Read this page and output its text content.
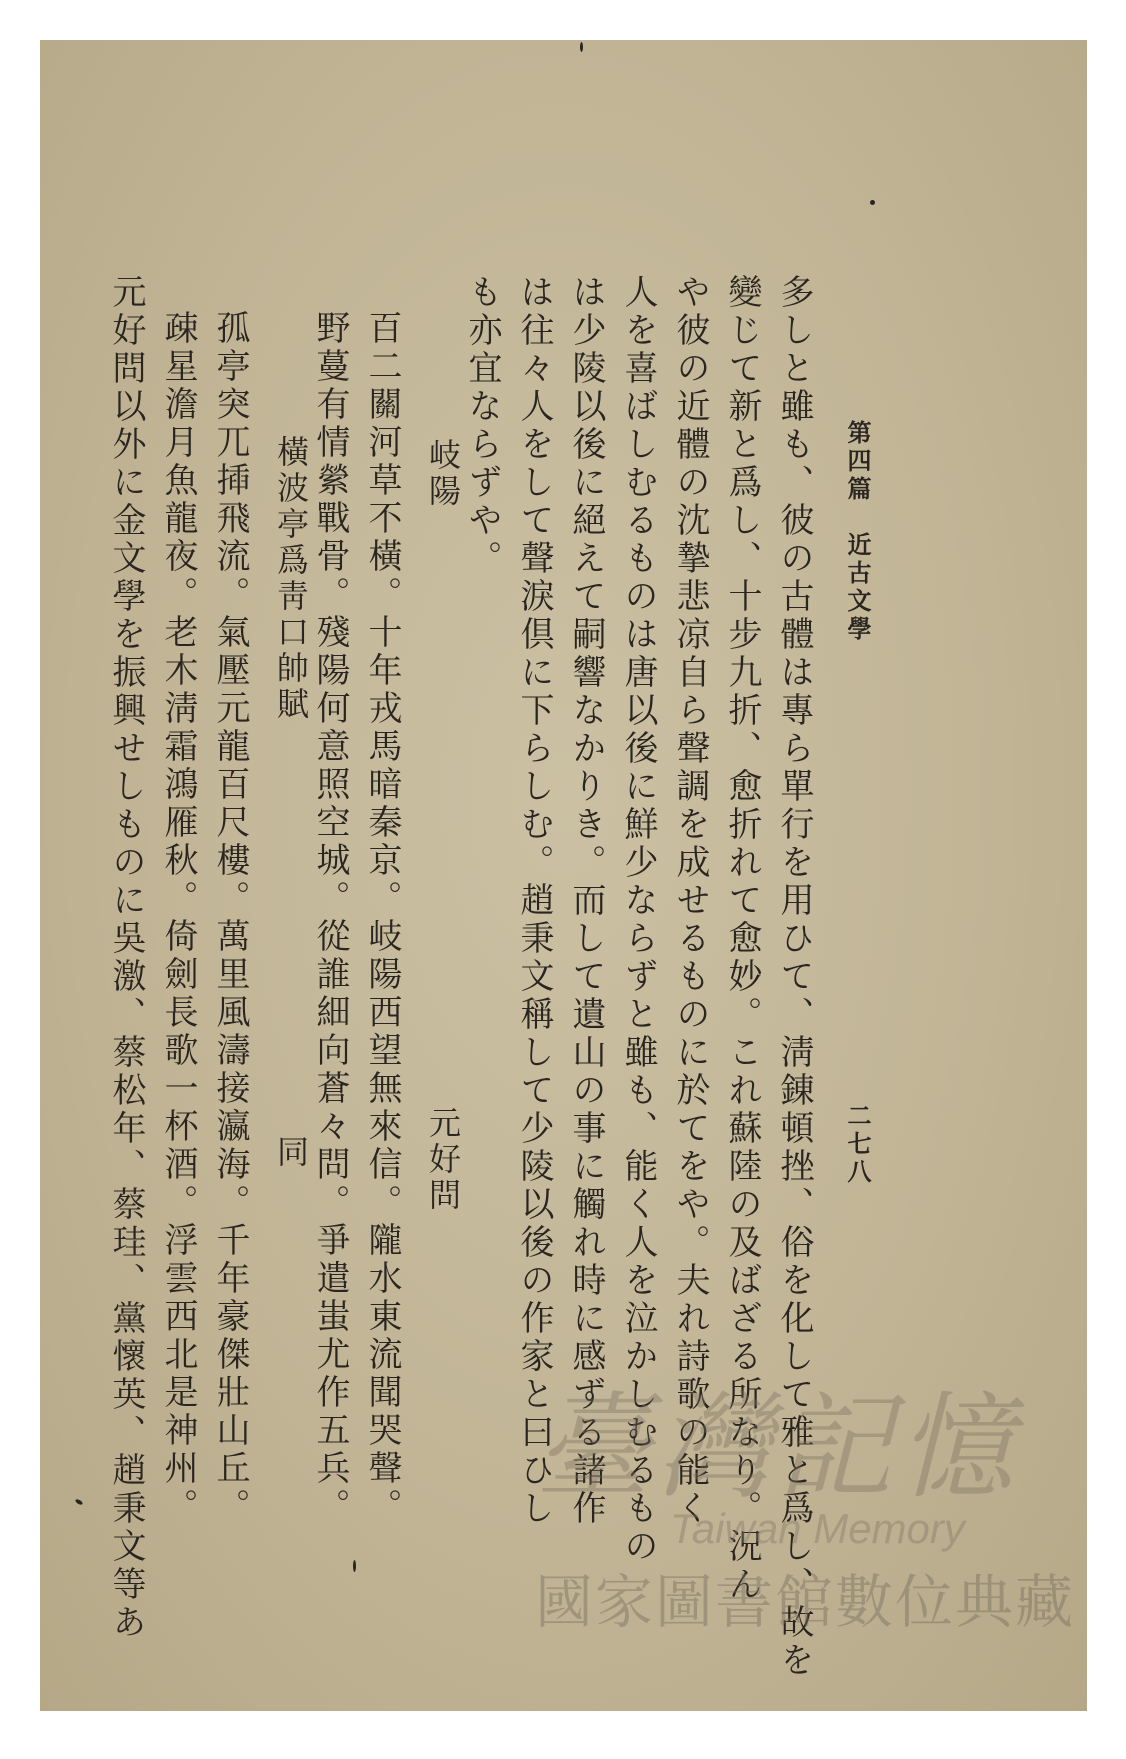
第四篇　近古文學
二七八
多しと雖も、彼の古體は專ら單行を用ひて、淸錬頓挫、俗を化して雅と爲し、故を
變じて新と爲し、十步九折、愈折れて愈妙。これ蘇陸の及ばざる所なり。況ん
や彼の近體の沈摯悲凉自ら聲調を成せるものに於てをや。夫れ詩歌の能く
人を喜ばしむるものは唐以後に鮮少ならずと雖も、能く人を泣かしむるもの
は少陵以後に絕えて嗣響なかりき。而して遺山の事に觸れ時に感ずる諸作
は往々人をして聲淚倶に下らしむ。趙秉文稱して少陵以後の作家と曰ひし
も亦宜ならずや。
岐陽
元好問
百二關河草不橫。十年戎馬暗秦京。岐陽西望無來信。隴水東流聞哭聲。
野蔓有情縈戰骨。殘陽何意照空城。從誰細向蒼々問。爭遣蚩尤作五兵。
橫波亭爲靑口帥賦
同
孤亭突兀揷飛流。氣壓元龍百尺樓。萬里風濤接瀛海。千年豪傑壯山丘。
疎星澹月魚龍夜。老木淸霜鴻雁秋。倚劍長歌一杯酒。浮雲西北是神州。
元好問以外に金文學を振興せしものに吳激、蔡松年、蔡珪、黨懷英、趙秉文等あ	臺灣記憶
Taiwan Memory
國家圖書館數位典藏
